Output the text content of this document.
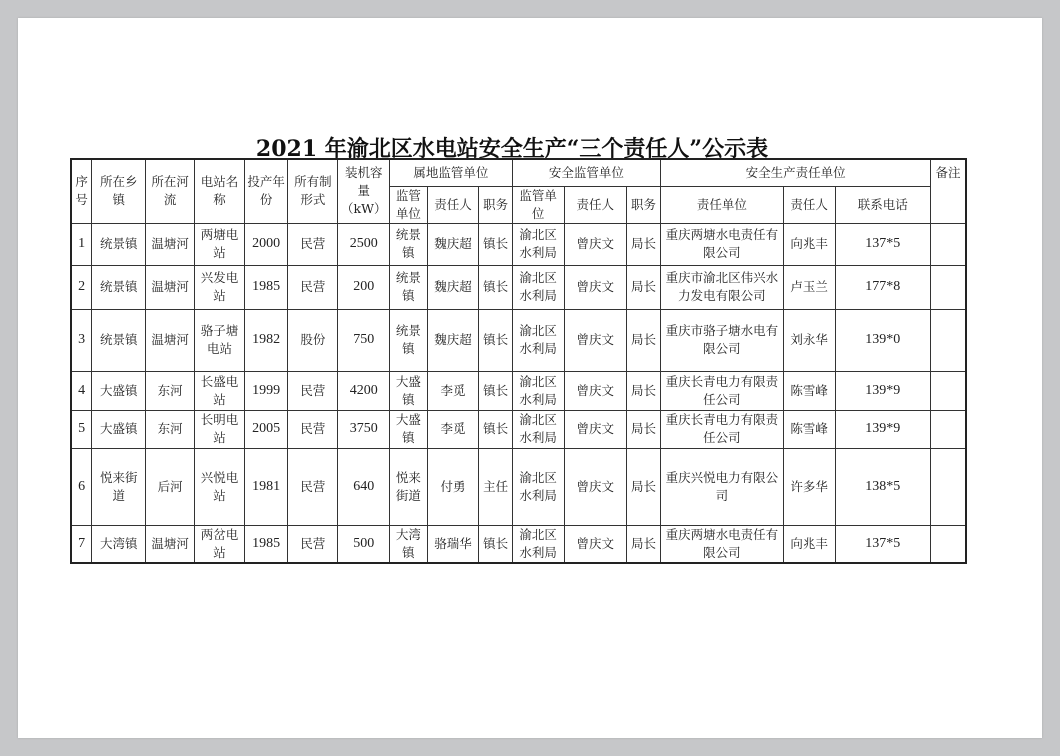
2021 年渝北区水电站安全生产“三个责任人”公示表
序号	所在乡镇	所在河流	电站名称	投产年份	所有制形式	装机容量（kW）	属地监管单位			安全监管单位			安全生产责任单位			备注
							监管单位	责任人	职务	监管单位	责任人	职务	责任单位	责任人	联系电话	
1	统景镇	温塘河	两塘电站	2000	民营	2500	统景镇	魏庆超	镇长	渝北区水利局	曾庆文	局长	重庆两塘水电责任有限公司	向兆丰	137*5	
2	统景镇	温塘河	兴发电站	1985	民营	200	统景镇	魏庆超	镇长	渝北区水利局	曾庆文	局长	重庆市渝北区伟兴水力发电有限公司	卢玉兰	177*8	
3	统景镇	温塘河	骆子塘电站	1982	股份	750	统景镇	魏庆超	镇长	渝北区水利局	曾庆文	局长	重庆市骆子塘水电有限公司	刘永华	139*0	
4	大盛镇	东河	长盛电站	1999	民营	4200	大盛镇	李觅	镇长	渝北区水利局	曾庆文	局长	重庆长青电力有限责任公司	陈雪峰	139*9	
5	大盛镇	东河	长明电站	2005	民营	3750	大盛镇	李觅	镇长	渝北区水利局	曾庆文	局长	重庆长青电力有限责任公司	陈雪峰	139*9	
6	悦来街道	后河	兴悦电站	1981	民营	640	悦来街道	付勇	主任	渝北区水利局	曾庆文	局长	重庆兴悦电力有限公司	许多华	138*5	
7	大湾镇	温塘河	两岔电站	1985	民营	500	大湾镇	骆瑞华	镇长	渝北区水利局	曾庆文	局长	重庆两塘水电责任有限公司	向兆丰	137*5	
